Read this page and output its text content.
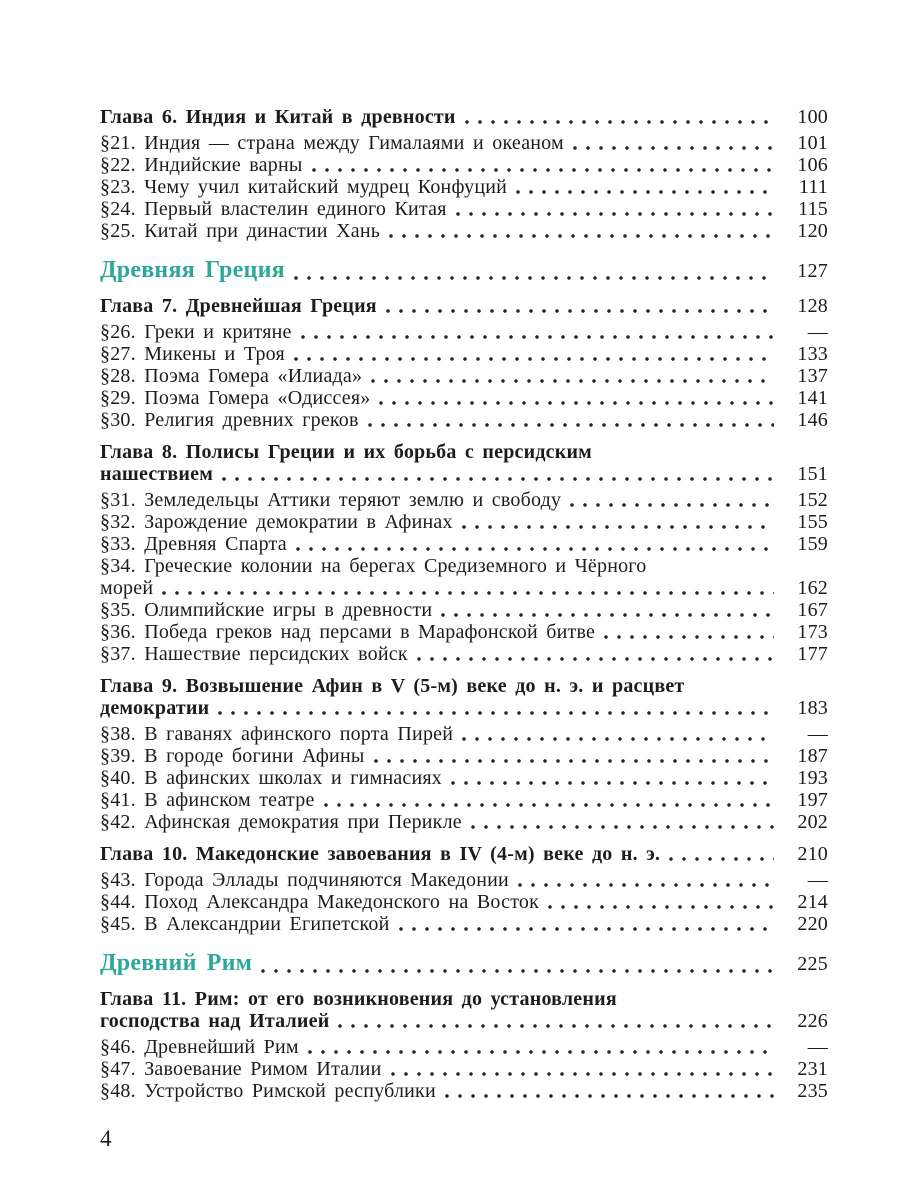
Глава 6. Индия и Китай в древности	100
§21. Индия — страна между Гималаями и океаном	101
§22. Индийские варны	106
§23. Чему учил китайский мудрец Конфуций	111
§24. Первый властелин единого Китая	115
§25. Китай при династии Хань	120
Древняя Греция	127
Глава 7. Древнейшая Греция	128
§26. Греки и критяне	—
§27. Микены и Троя	133
§28. Поэма Гомера «Илиада»	137
§29. Поэма Гомера «Одиссея»	141
§30. Религия древних греков	146
Глава 8. Полисы Греции и их борьба с персидским
нашествием	151
§31. Земледельцы Аттики теряют землю и свободу	152
§32. Зарождение демократии в Афинах	155
§33. Древняя Спарта	159
§34. Греческие колонии на берегах Средиземного и Чёрного
морей	162
§35. Олимпийские игры в древности	167
§36. Победа греков над персами в Марафонской битве	173
§37. Нашествие персидских войск	177
Глава 9. Возвышение Афин в V (5-м) веке до н. э. и расцвет
демократии	183
§38. В гаванях афинского порта Пирей	—
§39. В городе богини Афины	187
§40. В афинских школах и гимнасиях	193
§41. В афинском театре	197
§42. Афинская демократия при Перикле	202
Глава 10. Македонские завоевания в IV (4-м) веке до н. э.	210
§43. Города Эллады подчиняются Македонии	—
§44. Поход Александра Македонского на Восток	214
§45. В Александрии Египетской	220
Древний Рим	225
Глава 11. Рим: от его возникновения до установления
господства над Италией	226
§46. Древнейший Рим	—
§47. Завоевание Римом Италии	231
§48. Устройство Римской республики	235
4
